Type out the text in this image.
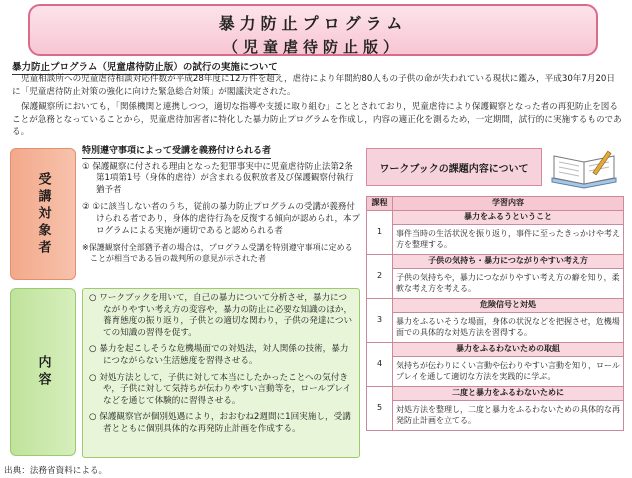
暴力防止プログラム
（児童虐待防止版）
暴力防止プログラム（児童虐待防止版）の試行の実施について
児童相談所への児童虐待相談対応件数が平成28年度に12万件を超え，虐待により年間約80人もの子供の命が失われている現状に鑑み，平成30年7月20日に「児童虐待防止対策の強化に向けた緊急総合対策」が閣議決定された。
保護観察所においても，「関係機関と連携しつつ，適切な指導や支援に取り組む」こととされており，児童虐待により保護観察となった者の再犯防止を図ることが急務となっていることから，児童虐待加害者に特化した暴力防止プログラムを作成し，内容の適正化を測るため，一定期間，試行的に実施するものである。
受講対象者
特別遵守事項によって受講を義務付けられる者
① 保護観察に付される理由となった犯罪事実中に児童虐待防止法第2条第1項第1号（身体的虐待）が含まれる仮釈放者及び保護観察付執行猶予者
② ①に該当しない者のうち，従前の暴力防止プログラムの受講が義務付けられる者であり，身体的虐待行為を反復する傾向が認められ，本プログラムによる実施が適切であると認められる者
※保護観察付全部猶予者の場合は，プログラム受講を特別遵守事項に定めることが相当である旨の裁判所の意見が示された者
内容
○ ワークブックを用いて，自己の暴力について分析させ，暴力につながりやすい考え方の変容や，暴力の防止に必要な知識のほか，養育態度の振り返り，子供との適切な関わり，子供の発達についての知識の習得を促す。
○ 暴力を起こしそうな危機場面での対処法，対人関係の技術，暴力につながらない生活態度を習得させる。
○ 対処方法として，子供に対して本当にしたかったことへの気付きや，子供に対して気持ちが伝わりやすい言動等を，ロールプレイなどを通じて体験的に習得させる。
○ 保護観察官が個別処遇により，おおむね2週間に1回実施し，受講者とともに個別具体的な再発防止計画を作成する。
ワークブックの課題内容について
課程	学習内容
1	暴力をふるうということ
	事件当時の生活状況を振り返り，事件に至ったきっかけや考え方を整理する。
2	子供の気持ち・暴力につながりやすい考え方
	子供の気持ちや，暴力につながりやすい考え方の癖を知り，柔軟な考え方を考える。
3	危険信号と対処
	暴力をふるいそうな場面，身体の状況などを把握させ，危機場面での具体的な対処方法を習得する。
4	暴力をふるわないための取組
	気持ちが伝わりにくい言動や伝わりやすい言動を知り，ロールプレイを通して適切な方法を実践的に学ぶ。
5	二度と暴力をふるわないために
	対処方法を整理し，二度と暴力をふるわないための具体的な再発防止計画を立てる。
出典：法務省資料による。
